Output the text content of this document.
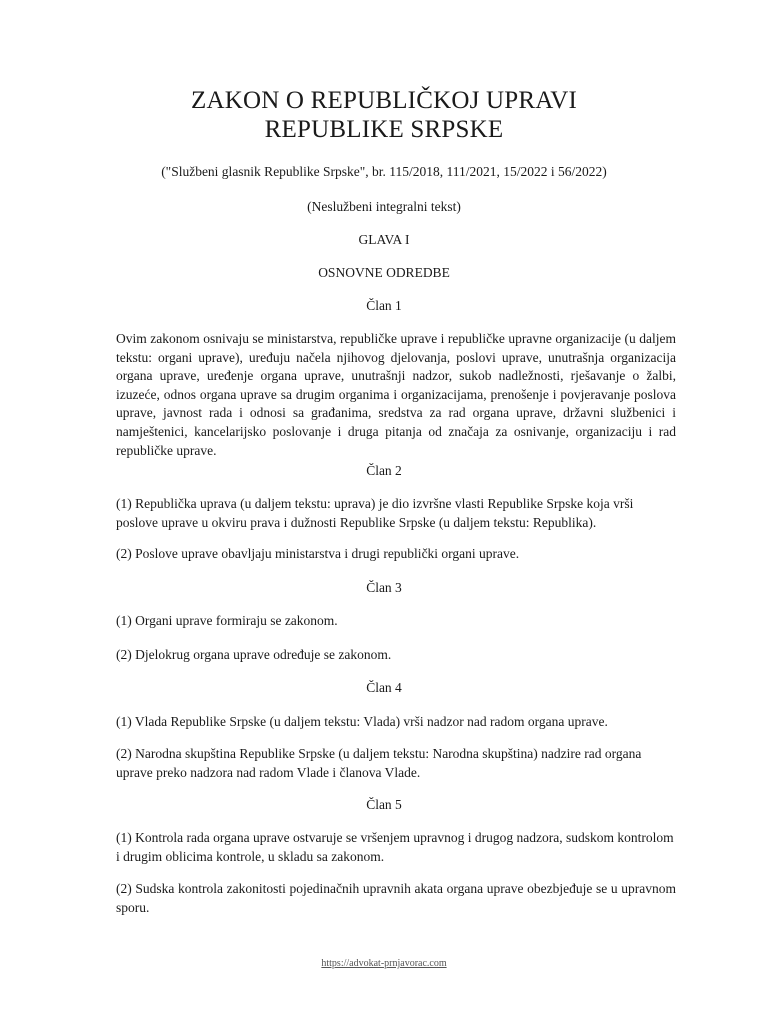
ZAKON O REPUBLIČKOJ UPRAVI
REPUBLIKE SRPSKE

("Službeni glasnik Republike Srpske", br. 115/2018, 111/2021, 15/2022 i 56/2022)

(Neslužbeni integralni tekst)

GLAVA I

OSNOVNE ODREDBE

Član 1

Ovim zakonom osnivaju se ministarstva, republičke uprave i republičke upravne organizacije (u daljem tekstu: organi uprave), uređuju načela njihovog djelovanja, poslovi uprave, unutrašnja organizacija organa uprave, uređenje organa uprave, unutrašnji nadzor, sukob nadležnosti, rješavanje o žalbi, izuzeće, odnos organa uprave sa drugim organima i organizacijama, prenošenje i povjeravanje poslova uprave, javnost rada i odnosi sa građanima, sredstva za rad organa uprave, državni službenici i namještenici, kancelarijsko poslovanje i druga pitanja od značaja za osnivanje, organizaciju i rad republičke uprave.

Član 2

(1) Republička uprava (u daljem tekstu: uprava) je dio izvršne vlasti Republike Srpske koja vrši poslove uprave u okviru prava i dužnosti Republike Srpske (u daljem tekstu: Republika).

(2) Poslove uprave obavljaju ministarstva i drugi republički organi uprave.

Član 3

(1) Organi uprave formiraju se zakonom.

(2) Djelokrug organa uprave određuje se zakonom.

Član 4

(1) Vlada Republike Srpske (u daljem tekstu: Vlada) vrši nadzor nad radom organa uprave.

(2) Narodna skupština Republike Srpske (u daljem tekstu: Narodna skupština) nadzire rad organa uprave preko nadzora nad radom Vlade i članova Vlade.

Član 5

(1) Kontrola rada organa uprave ostvaruje se vršenjem upravnog i drugog nadzora, sudskom kontrolom i drugim oblicima kontrole, u skladu sa zakonom.

(2) Sudska kontrola zakonitosti pojedinačnih upravnih akata organa uprave obezbjeđuje se u upravnom sporu.

https://advokat-prnjavorac.com
